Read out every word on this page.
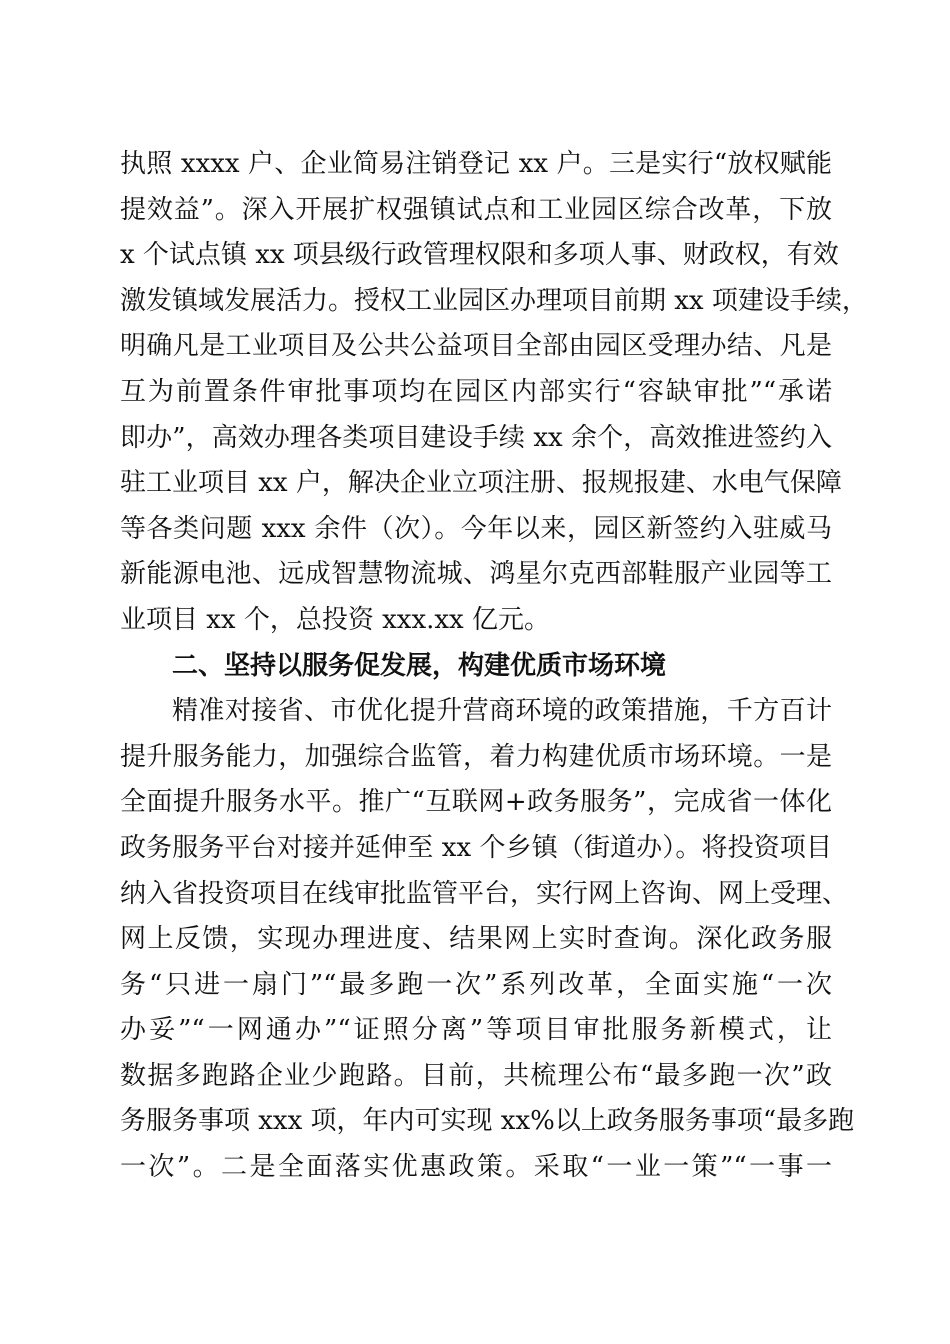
执照 xxxx 户、企业简易注销登记 xx 户。三是实行“放权赋能
提效益”。深入开展扩权强镇试点和工业园区综合改革，下放
x 个试点镇 xx 项县级行政管理权限和多项人事、财政权，有效
激发镇域发展活力。授权工业园区办理项目前期 xx 项建设手续，
明确凡是工业项目及公共公益项目全部由园区受理办结、凡是
互为前置条件审批事项均在园区内部实行“容缺审批”“承诺
即办”，高效办理各类项目建设手续 xx 余个，高效推进签约入
驻工业项目 xx 户，解决企业立项注册、报规报建、水电气保障
等各类问题 xxx 余件（次）。今年以来，园区新签约入驻威马
新能源电池、远成智慧物流城、鸿星尔克西部鞋服产业园等工
业项目 xx 个，总投资 xxx.xx 亿元。
二、坚持以服务促发展，构建优质市场环境
精准对接省、市优化提升营商环境的政策措施，千方百计
提升服务能力，加强综合监管，着力构建优质市场环境。一是
全面提升服务水平。推广“互联网+政务服务”，完成省一体化
政务服务平台对接并延伸至 xx 个乡镇（街道办）。将投资项目
纳入省投资项目在线审批监管平台，实行网上咨询、网上受理、
网上反馈，实现办理进度、结果网上实时查询。深化政务服
务“只进一扇门”“最多跑一次”系列改革，全面实施“一次
办妥”“一网通办”“证照分离”等项目审批服务新模式，让
数据多跑路企业少跑路。目前，共梳理公布“最多跑一次”政
务服务事项 xxx 项，年内可实现 xx%以上政务服务事项“最多跑
一次”。二是全面落实优惠政策。采取“一业一策”“一事一
